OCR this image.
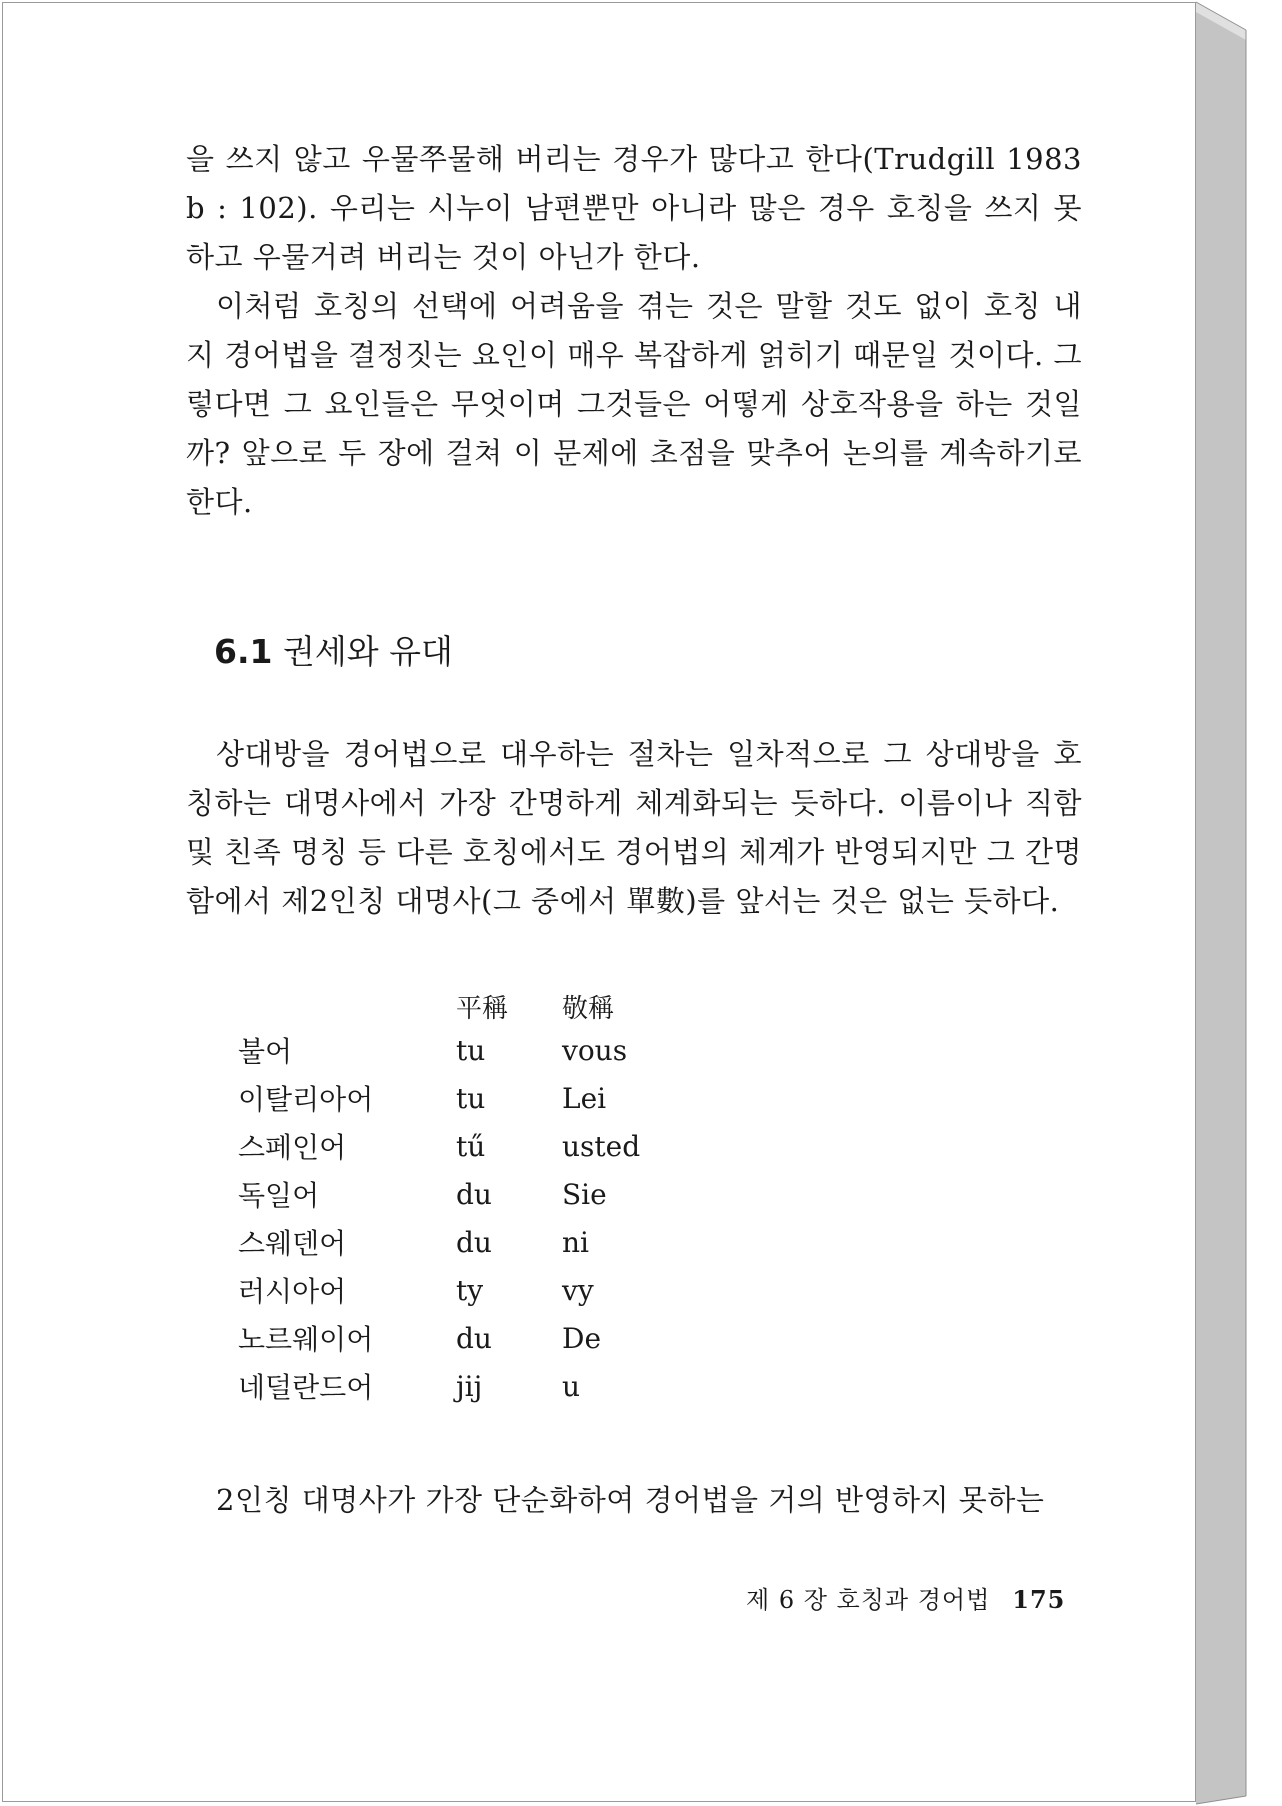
을 쓰지 않고 우물쭈물해 버리는 경우가 많다고 한다(Trudgill 1983 b : 102). 우리는 시누이 남편뿐만 아니라 많은 경우 호칭을 쓰지 못하고 우물거려 버리는 것이 아닌가 한다.

이처럼 호칭의 선택에 어려움을 겪는 것은 말할 것도 없이 호칭 내지 경어법을 결정짓는 요인이 매우 복잡하게 얽히기 때문일 것이다. 그렇다면 그 요인들은 무엇이며 그것들은 어떻게 상호작용을 하는 것일까? 앞으로 두 장에 걸쳐 이 문제에 초점을 맞추어 논의를 계속하기로 한다.

6.1 권세와 유대

상대방을 경어법으로 대우하는 절차는 일차적으로 그 상대방을 호칭하는 대명사에서 가장 간명하게 체계화되는 듯하다. 이름이나 직함 및 친족 명칭 등 다른 호칭에서도 경어법의 체계가 반영되지만 그 간명함에서 제2인칭 대명사(그 중에서 單數)를 앞서는 것은 없는 듯하다.

	平稱	敬稱
불어	tu	vous
이탈리아어	tu	Lei
스페인어	tű	usted
독일어	du	Sie
스웨덴어	du	ni
러시아어	ty	vy
노르웨이어	du	De
네덜란드어	jij	u

2인칭 대명사가 가장 단순화하여 경어법을 거의 반영하지 못하는

제 6 장 호칭과 경어법 175
